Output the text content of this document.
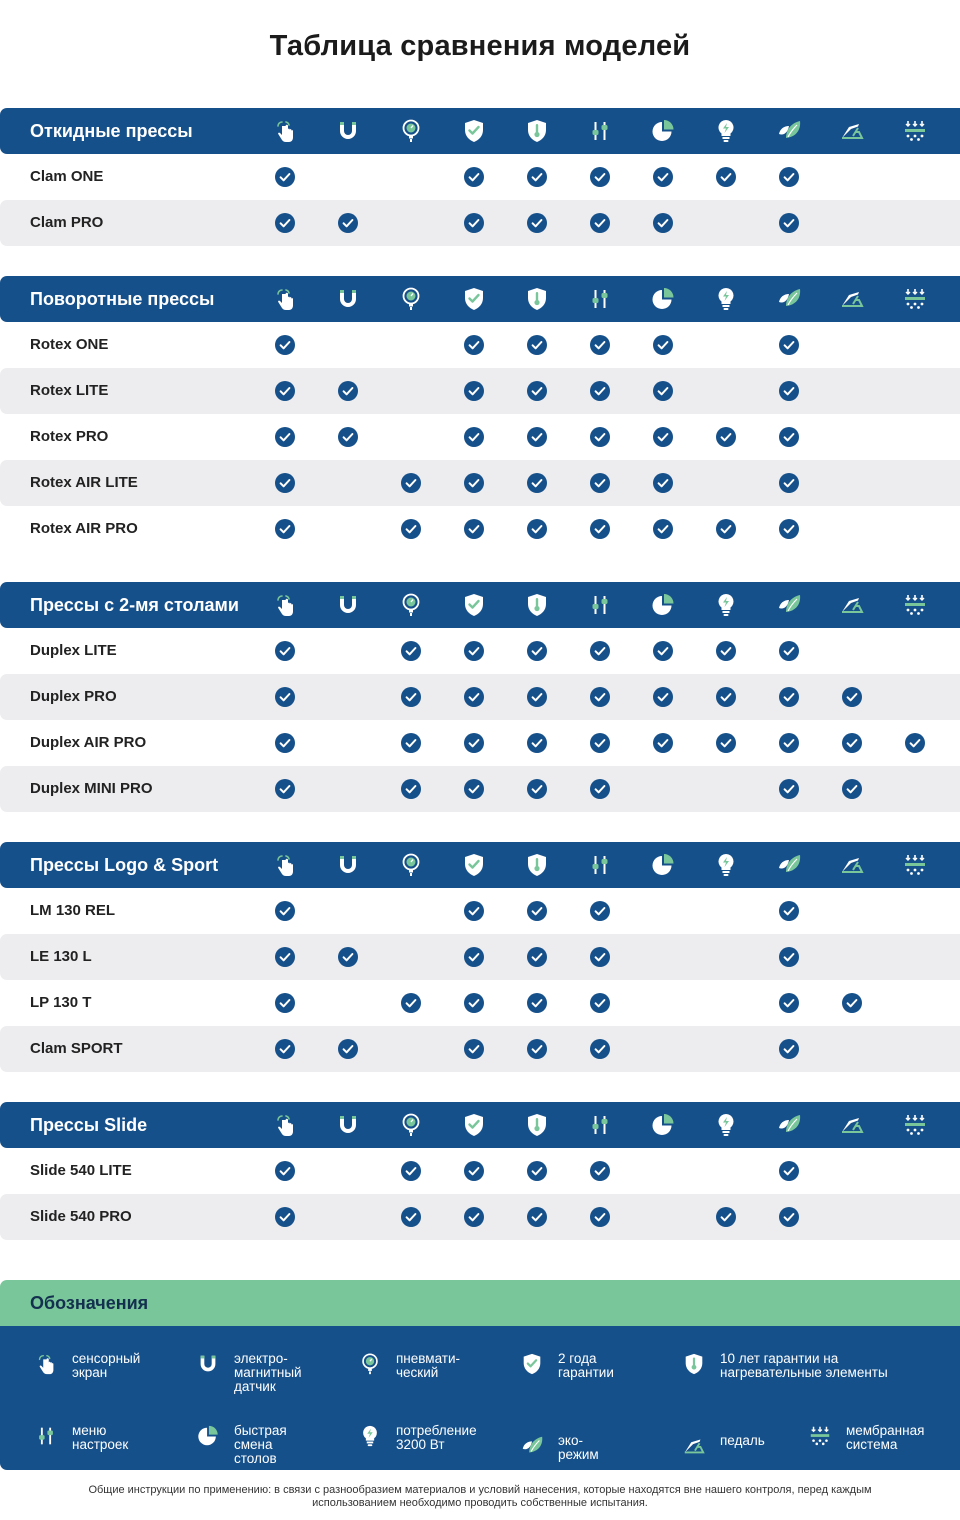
Таблица сравнения моделей
Откидные прессы
Clam ONE
Clam PRO
Поворотные прессы
Rotex ONE
Rotex LITE
Rotex PRO
Rotex AIR LITE
Rotex AIR PRO
Прессы с 2-мя столами
Duplex LITE
Duplex PRO
Duplex AIR PRO
Duplex MINI PRO
Прессы Logo & Sport
LM 130 REL
LE 130 L
LP 130 T
Clam SPORT
Прессы Slide
Slide 540 LITE
Slide 540 PRO
Обозначения
сенсорный
экран
электро-
магнитный
датчик
пневмати-
ческий
2 года
гарантии
10 лет гарантии на
нагревательные элементы
меню
настроек
быстрая
смена столов
потребление
3200 Вт	эко-режим
педаль
мембранная
система
Общие инструкции по применению: в связи с разнообразием материалов и условий нанесения, которые находятся вне нашего контроля, перед каждым использованием необходимо проводить собственные испытания.
